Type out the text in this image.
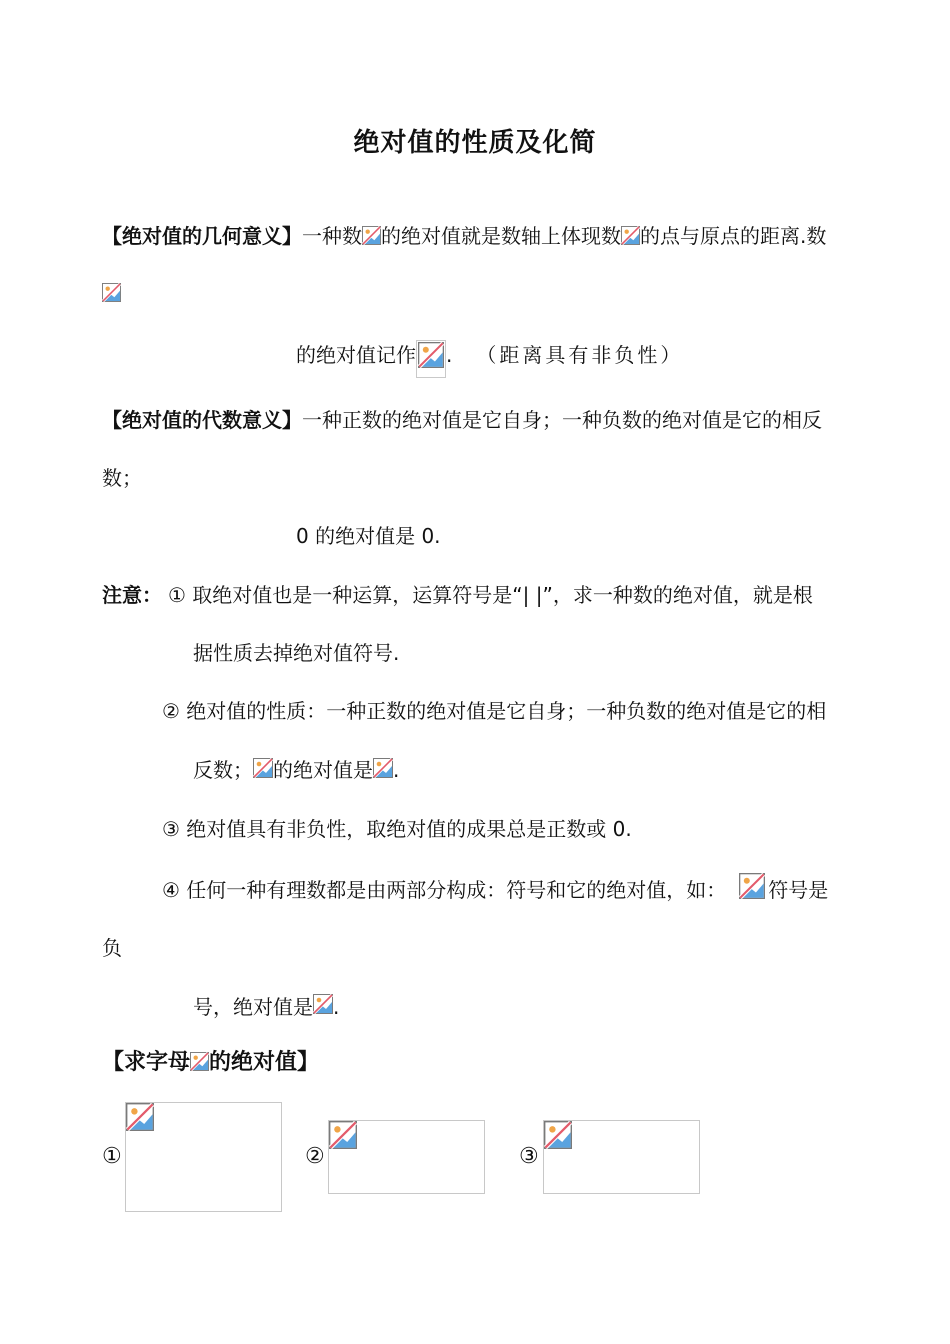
绝对值的性质及化简
【绝对值的几何意义】一种数 的绝对值就是数轴上体现数 的点与原点的距离.数
的绝对值记作 . （距离具有非负性）
【绝对值的代数意义】一种正数的绝对值是它自身；一种负数的绝对值是它的相反
数；
0 的绝对值是 0.
注意： ① 取绝对值也是一种运算，运算符号是“| |”，求一种数的绝对值，就是根
据性质去掉绝对值符号.
② 绝对值的性质：一种正数的绝对值是它自身；一种负数的绝对值是它的相
反数； 的绝对值是 .
③ 绝对值具有非负性，取绝对值的成果总是正数或 0.
④ 任何一种有理数都是由两部分构成：符号和它的绝对值，如： 符号是
负
号，绝对值是 .
【求字母 的绝对值】
①	②	③
